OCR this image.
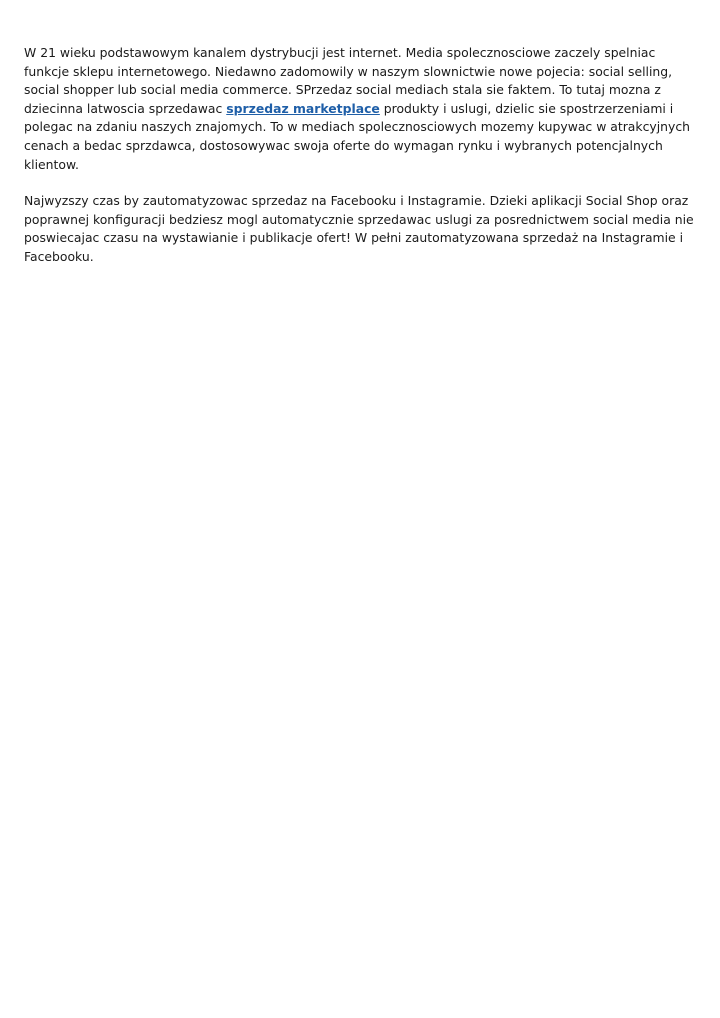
W 21 wieku podstawowym kanalem dystrybucji jest internet. Media spolecznosciowe zaczely spelniac funkcje sklepu internetowego. Niedawno zadomowily w naszym slownictwie nowe pojecia: social selling, social shopper lub social media commerce. SPrzedaz social mediach stala sie faktem. To tutaj mozna z dziecinna latwoscia sprzedawac sprzedaz marketplace produkty i uslugi, dzielic sie spostrzerzeniami i polegac na zdaniu naszych znajomych. To w mediach spolecznosciowych mozemy kupywac w atrakcyjnych cenach a bedac sprzdawca, dostosowywac swoja oferte do wymagan rynku i wybranych potencjalnych klientow.

Najwyzszy czas by zautomatyzowac sprzedaz na Facebooku i Instagramie. Dzieki aplikacji Social Shop oraz poprawnej konfiguracji bedziesz mogl automatycznie sprzedawac uslugi za posrednictwem social media nie poswiecajac czasu na wystawianie i publikacje ofert! W pełni zautomatyzowana sprzedaż na Instagramie i Facebooku.
